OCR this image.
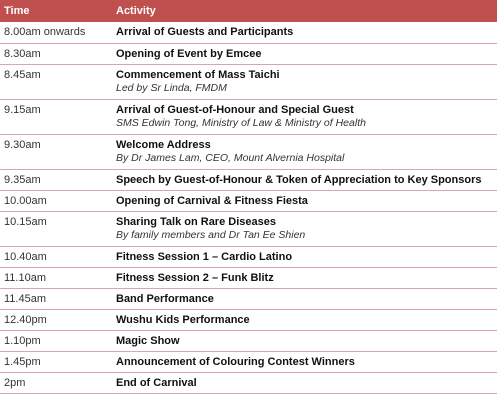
Time	Activity
8.00am onwards	Arrival of Guests and Participants

8.30am	Opening of Event by Emcee

8.45am	Commencement of Mass Taichi
Led by Sr Linda, FMDM

9.15am	Arrival of Guest-of-Honour and Special Guest
SMS Edwin Tong, Ministry of Law & Ministry of Health

9.30am	Welcome Address
By Dr James Lam, CEO, Mount Alvernia Hospital

9.35am	Speech by Guest-of-Honour & Token of Appreciation to Key Sponsors

10.00am	Opening of Carnival & Fitness Fiesta

10.15am	Sharing Talk on Rare Diseases
By family members and Dr Tan Ee Shien

10.40am	Fitness Session 1 – Cardio Latino

11.10am	Fitness Session 2 – Funk Blitz

11.45am	Band Performance

12.40pm	Wushu Kids Performance

1.10pm	Magic Show

1.45pm	Announcement of Colouring Contest Winners

2pm	End of Carnival
